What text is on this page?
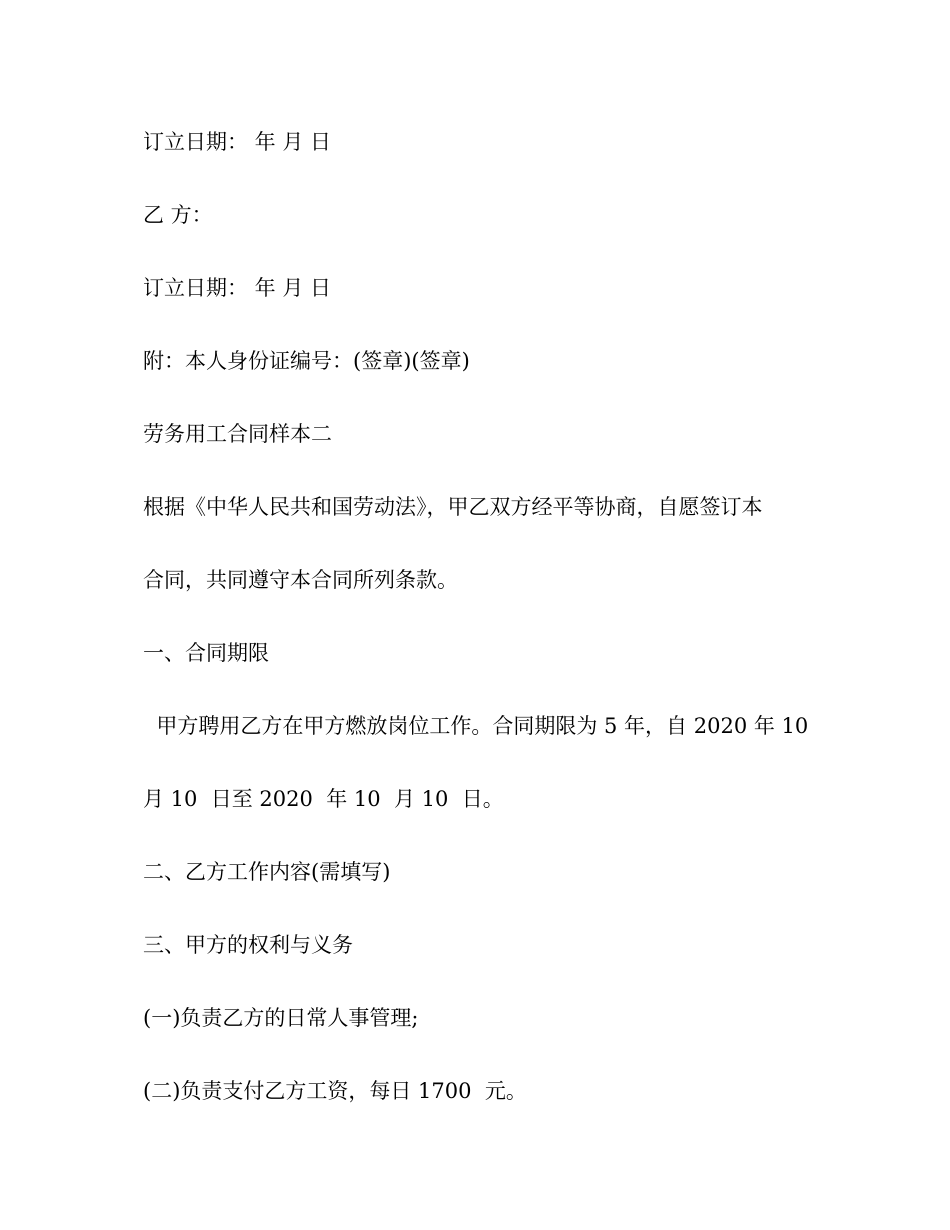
订立日期： 年 月 日
乙 方：
订立日期： 年 月 日
附：本人身份证编号：(签章)(签章)
劳务用工合同样本二
根据《中华人民共和国劳动法》，甲乙双方经平等协商，自愿签订本
合同，共同遵守本合同所列条款。
一、合同期限
甲方聘用乙方在甲方燃放岗位工作。合同期限为 5 年，自 2020 年 10
月 10  日至 2020  年 10  月 10  日。
二、乙方工作内容(需填写)
三、甲方的权利与义务
(一)负责乙方的日常人事管理;
(二)负责支付乙方工资，每日 1700  元。
